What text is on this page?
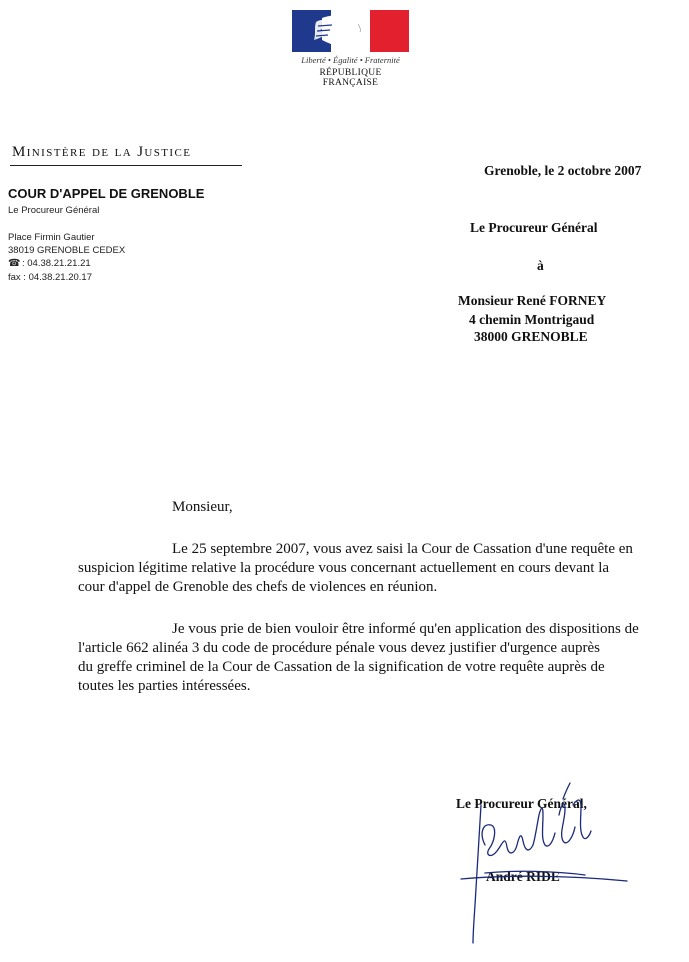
Liberté • Égalité • Fraternité
RÉPUBLIQUE FRANÇAISE
Ministère de la Justice
COUR D'APPEL DE GRENOBLE
Le Procureur Général
Place Firmin Gautier
38019 GRENOBLE CEDEX
☎ : 04.38.21.21.21
fax : 04.38.21.20.17
Grenoble, le 2 octobre 2007
Le Procureur Général
à
Monsieur René FORNEY
4 chemin Montrigaud
38000 GRENOBLE
Monsieur,
Le 25 septembre 2007, vous avez saisi la Cour de Cassation d'une requête en
suspicion légitime relative la procédure vous concernant actuellement en cours devant la
cour d'appel de Grenoble des chefs de violences en réunion.
Je vous prie de bien vouloir être informé qu'en application des dispositions de
l'article 662 alinéa 3 du code de procédure pénale vous devez justifier d'urgence auprès
du greffe criminel de la Cour de Cassation de la signification de votre requête auprès de
toutes les parties intéressées.
Le Procureur Général,
André RIDE
